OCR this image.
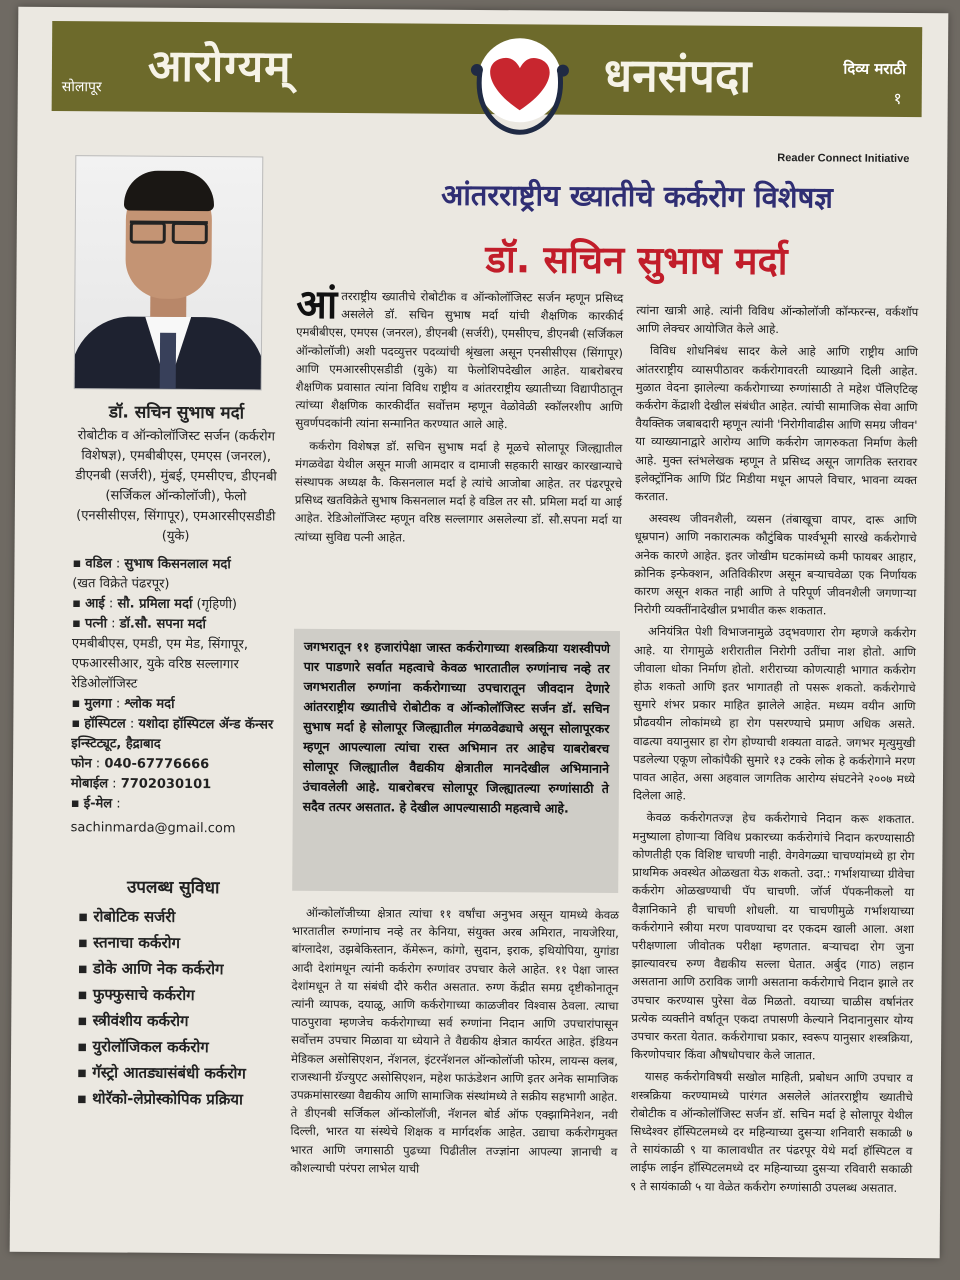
सोलापूर आरोग्यम्	धनसंपदा	दिव्य मराठी
१
Reader Connect Initiative
आंतरराष्ट्रीय ख्यातीचे कर्करोग विशेषज्ञ
डॉ. सचिन सुभाष मर्दा
डॉ. सचिन सुभाष मर्दा

रोबोटीक व ऑन्कोलॉजिस्ट सर्जन (कर्करोग विशेषज्ञ), एमबीबीएस, एमएस (जनरल), डीएनबी (सर्जरी), मुंबई, एमसीएच, डीएनबी (सर्जिकल ऑन्कोलॉजी), फेलो (एनसीसीएस, सिंगापूर), एमआरसीएसडीडी (युके)

▪ वडिल : सुभाष किसनलाल मर्दा
(खत विक्रेते पंढरपूर)
▪ आई : सौ. प्रमिला मर्दा (गृहिणी)
▪ पत्नी : डॉ.सौ. सपना मर्दा
एमबीबीएस, एमडी, एम मेड, सिंगापूर, एफआरसीआर, युके वरिष्ठ सल्लागार रेडिओलॉजिस्ट
▪ मुलगा : श्लोक मर्दा
▪ हॉस्पिटल : यशोदा हॉस्पिटल ॲन्ड कॅन्सर इन्स्टिट्यूट, हैद्राबाद
फोन : 040-67776666
मोबाईल : 7702030101
▪ ई-मेल :
sachinmarda@gmail.com
उपलब्ध सुविधा
▪ रोबोटिक सर्जरी
▪ स्तनाचा कर्करोग
▪ डोके आणि नेक कर्करोग
▪ फुफ्फुसाचे कर्करोग
▪ स्त्रीवंशीय कर्करोग
▪ युरोलॉजिकल कर्करोग
▪ गॅस्ट्रो आतड्यासंबंधी कर्करोग
▪ थोरॅको-लेप्रोस्कोपिक प्रक्रिया

आंतरराष्ट्रीय ख्यातीचे रोबोटीक व ऑन्कोलॉजिस्ट सर्जन म्हणून प्रसिध्द असलेले डॉ. सचिन सुभाष मर्दा यांची शैक्षणिक कारकीर्द एमबीबीएस, एमएस (जनरल), डीएनबी (सर्जरी), एमसीएच, डीएनबी (सर्जिकल ऑन्कोलॉजी) अशी पदव्युत्तर पदव्यांची श्रृंखला असून एनसीसीएस (सिंगापूर) आणि एमआरसीएसडीडी (युके) या फेलोशिपदेखील आहेत. याबरोबरच शैक्षणिक प्रवासात त्यांना विविध राष्ट्रीय व आंतरराष्ट्रीय ख्यातीच्या विद्यापीठातून त्यांच्या शैक्षणिक कारकीर्दीत सर्वोत्तम म्हणून वेळोवेळी स्कॉलरशीप आणि सुवर्णपदकांनी त्यांना सन्मानित करण्यात आले आहे.

कर्करोग विशेषज्ञ डॉ. सचिन सुभाष मर्दा हे मूळचे सोलापूर जिल्ह्यातील मंगळवेढा येथील असून माजी आमदार व दामाजी सहकारी साखर कारखान्याचे संस्थापक अध्यक्ष कै. किसनलाल मर्दा हे त्यांचे आजोबा आहेत. तर पंढरपूरचे प्रसिध्द खतविक्रेते सुभाष किसनलाल मर्दा हे वडिल तर सौ. प्रमिला मर्दा या आई आहेत. रेडिओलॉजिस्ट म्हणून वरिष्ठ सल्लागार असलेल्या डॉ. सौ.सपना मर्दा या त्यांच्या सुविद्य पत्नी आहेत.

जगभरातून ११ हजारांपेक्षा जास्त कर्करोगाच्या शस्त्रक्रिया यशस्वीपणे पार पाडणारे सर्वात महत्वाचे केवळ भारतातील रुग्णांनाच नव्हे तर जगभरातील रुग्णांना कर्करोगाच्या उपचारातून जीवदान देणारे आंतरराष्ट्रीय ख्यातीचे रोबोटीक व ऑन्कोलॉजिस्ट सर्जन डॉ. सचिन सुभाष मर्दा हे सोलापूर जिल्ह्यातील मंगळवेढ्याचे असून सोलापूरकर म्हणून आपल्याला त्यांचा रास्त अभिमान तर आहेच याबरोबरच सोलापूर जिल्ह्यातील वैद्यकीय क्षेत्रातील मानदेखील अभिमानाने उंचावलेली आहे. याबरोबरच सोलापूर जिल्ह्यातल्या रुग्णांसाठी ते सदैव तत्पर असतात. हे देखील आपल्यासाठी महत्वाचे आहे.

ऑन्कोलॉजीच्या क्षेत्रात त्यांचा ११ वर्षांचा अनुभव असून यामध्ये केवळ भारतातील रुग्णांनाच नव्हे तर केनिया, संयुक्त अरब अमिरात, नायजेरिया, बांग्लादेश, उझबेकिस्तान, कॅमेरून, कांगो, सुदान, इराक, इथियोपिया, युगांडा आदी देशांमधून त्यांनी कर्करोग रुग्णांवर उपचार केले आहेत. ११ पेक्षा जास्त देशांमधून ते या संबंधी दौरे करीत असतात. रुग्ण केंद्रीत समग्र दृष्टीकोनातून त्यांनी व्यापक, दयाळू, आणि कर्करोगाच्या काळजीवर विश्वास ठेवला. त्याचा पाठपुरावा म्हणजेच कर्करोगाच्या सर्व रुग्णांना निदान आणि उपचारांपासून सर्वोत्तम उपचार मिळावा या ध्येयाने ते वैद्यकीय क्षेत्रात कार्यरत आहेत. इंडियन मेडिकल असोसिएशन, नॅशनल, इंटरनॅशनल ऑन्कोलॉजी फोरम, लायन्स क्लब, राजस्थानी ग्रॅज्युएट असोसिएशन, महेश फाऊंडेशन आणि इतर अनेक सामाजिक उपक्रमांसारख्या वैद्यकीय आणि सामाजिक संस्थांमध्ये ते सक्रीय सहभागी आहेत. ते डीएनबी सर्जिकल ऑन्कोलॉजी, नॅशनल बोर्ड ऑफ एक्झामिनेशन, नवी दिल्ली, भारत या संस्थेचे शिक्षक व मार्गदर्शक आहेत. उद्याचा कर्करोगमुक्त भारत आणि जगासाठी पुढच्या पिढीतील तज्ज्ञांना आपल्या ज्ञानाची व कौशल्याची परंपरा लाभेल याची

त्यांना खात्री आहे. त्यांनी विविध ऑन्कोलॉजी कॉन्फरन्स, वर्कशॉप आणि लेक्चर आयोजित केले आहे.

विविध शोधनिबंध सादर केले आहे आणि राष्ट्रीय आणि आंतरराष्ट्रीय व्यासपीठावर कर्करोगावरती व्याख्याने दिली आहेत. मुळात वेदना झालेल्या कर्करोगाच्या रुग्णांसाठी ते महेश पॅलिएटिव्ह कर्करोग केंद्राशी देखील संबंधीत आहेत. त्यांची सामाजिक सेवा आणि वैयक्तिक जबाबदारी म्हणून त्यांनी 'निरोगीवाढीस आणि समग्र जीवन' या व्याख्यानाद्वारे आरोग्य आणि कर्करोग जागरुकता निर्माण केली आहे. मुक्त स्तंभलेखक म्हणून ते प्रसिध्द असून जागतिक स्तरावर इलेक्ट्रॉनिक आणि प्रिंट मिडीया मधून आपले विचार, भावना व्यक्त करतात.

अस्वस्थ जीवनशैली, व्यसन (तंबाखूचा वापर, दारू आणि धूम्रपान) आणि नकारात्मक कौटुंबिक पार्श्वभूमी सारखे कर्करोगाचे अनेक कारणे आहेत. इतर जोखीम घटकांमध्ये कमी फायबर आहार, क्रोनिक इन्फेक्शन, अतिविकीरण असून बऱ्याचवेळा एक निर्णायक कारण असून शकत नाही आणि ते परिपूर्ण जीवनशैली जगणाऱ्या निरोगी व्यक्तींनादेखील प्रभावीत करू शकतात.

अनियंत्रित पेशी विभाजनामुळे उद्‌भवणारा रोग म्हणजे कर्करोग आहे. या रोगामुळे शरीरातील निरोगी उतींचा नाश होतो. आणि जीवाला धोका निर्माण होतो. शरीराच्या कोणत्याही भागात कर्करोग होऊ शकतो आणि इतर भागातही तो पसरू शकतो. कर्करोगाचे सुमारे शंभर प्रकार माहित झालेले आहेत. मध्यम वयीन आणि प्रौढवयीन लोकांमध्ये हा रोग पसरण्याचे प्रमाण अधिक असते. वाढत्या वयानुसार हा रोग होण्याची शक्यता वाढते. जगभर मृत्युमुखी पडलेल्या एकूण लोकांपैकी सुमारे १३ टक्के लोक हे कर्करोगाने मरण पावत आहेत, असा अहवाल जागतिक आरोग्य संघटनेने २००७ मध्ये दिलेला आहे.

केवळ कर्करोगतज्ज्ञ हेच कर्करोगाचे निदान करू शकतात. मनुष्याला होणाऱ्या विविध प्रकारच्या कर्करोगांचे निदान करण्यासाठी कोणतीही एक विशिष्ट चाचणी नाही. वेगवेगळ्या चाचण्यांमध्ये हा रोग प्राथमिक अवस्थेत ओळखता येऊ शकतो. उदा.: गर्भाशयाच्या ग्रीवेचा कर्करोग ओळखण्याची पॅप चाचणी. जॉर्ज पॅपकनीकलो या वैज्ञानिकाने ही चाचणी शोधली. या चाचणीमुळे गर्भाशयाच्या कर्करोगाने स्त्रीया मरण पावण्याचा दर एकदम खाली आला. अशा परीक्षणाला जीवोतक परीक्षा म्हणतात. बऱ्याचदा रोग जुना झाल्यावरच रुग्ण वैद्यकीय सल्ला घेतात. अर्बुद (गाठ) लहान असताना आणि ठराविक जागी असताना कर्करोगाचे निदान झाले तर उपचार करण्यास पुरेसा वेळ मिळतो. वयाच्या चाळीस वर्षानंतर प्रत्येक व्यक्तीने वर्षातून एकदा तपासणी केल्याने निदानानुसार योग्य उपचार करता येतात. कर्करोगाचा प्रकार, स्वरूप यानुसार शस्त्रक्रिया, किरणोपचार किंवा औषधोपचार केले जातात.

यासह कर्करोगविषयी सखोल माहिती, प्रबोधन आणि उपचार व शस्त्रक्रिया करण्यामध्ये पारंगत असलेले आंतरराष्ट्रीय ख्यातीचे रोबोटीक व ऑन्कोलॉजिस्ट सर्जन डॉ. सचिन मर्दा हे सोलापूर येथील सिध्देश्वर हॉस्पिटलमध्ये दर महिन्याच्या दुसऱ्या शनिवारी सकाळी ७ ते सायंकाळी ९ या कालावधीत तर पंढरपूर येथे मर्दा हॉस्पिटल व लाईफ लाईन हॉस्पिटलमध्ये दर महिन्याच्या दुसऱ्या रविवारी सकाळी ९ ते सायंकाळी ५ या वेळेत कर्करोग रुग्णांसाठी उपलब्ध असतात.
